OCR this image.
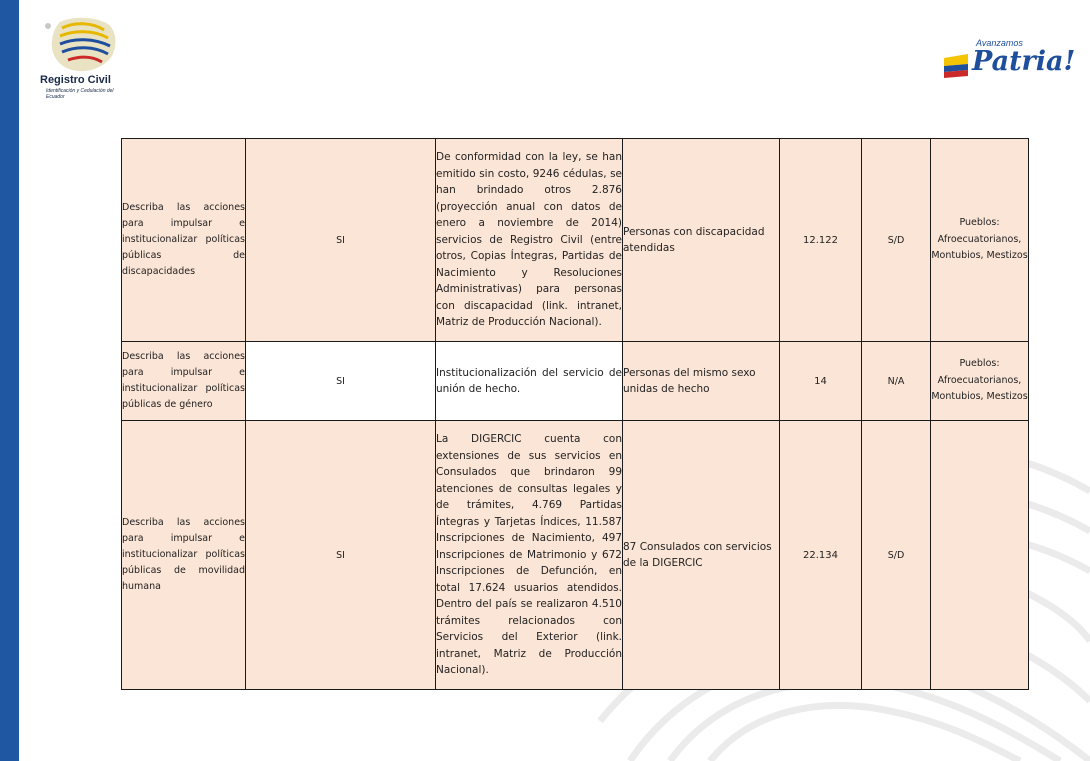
Registro Civil
Identificación y Cedulación del Ecuador
Avanzamos
Patria!
Describa las acciones para impulsar e institucionalizar políticas públicas de discapacidades	SI	De conformidad con la ley, se han emitido sin costo, 9246 cédulas, se han brindado otros 2.876 (proyección anual con datos de enero a noviembre de 2014) servicios de Registro Civil (entre otros, Copias Íntegras, Partidas de Nacimiento y Resoluciones Administrativas) para personas con discapacidad (link. intranet, Matriz de Producción Nacional).	Personas con discapacidad atendidas	12.122	S/D	Pueblos: Afroecuatorianos, Montubios, Mestizos
Describa las acciones para impulsar e institucionalizar políticas públicas de género	SI	Institucionalización del servicio de unión de hecho.	Personas del mismo sexo unidas de hecho	14	N/A	Pueblos: Afroecuatorianos, Montubios, Mestizos
Describa las acciones para impulsar e institucionalizar políticas públicas de movilidad humana	SI	La DIGERCIC cuenta con extensiones de sus servicios en Consulados que brindaron 99 atenciones de consultas legales y de trámites, 4.769 Partidas Íntegras y Tarjetas Índices, 11.587 Inscripciones de Nacimiento, 497 Inscripciones de Matrimonio y 672 Inscripciones de Defunción, en total 17.624 usuarios atendidos. Dentro del país se realizaron 4.510 trámites relacionados con Servicios del Exterior (link. intranet, Matriz de Producción Nacional).	87 Consulados con servicios de la DIGERCIC	22.134	S/D	
